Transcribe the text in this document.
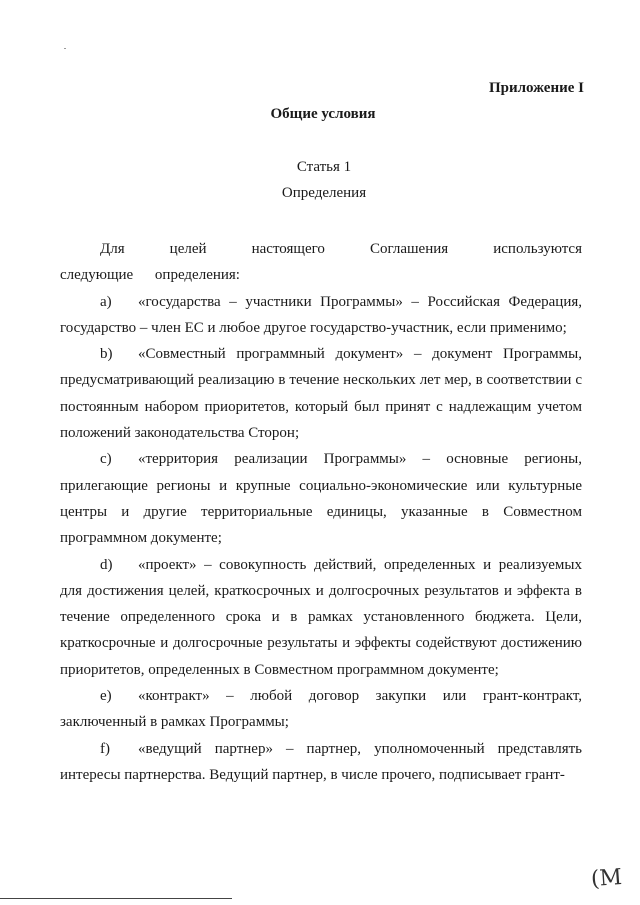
Приложение I
Общие условия
Статья 1
Определения

Для целей настоящего Соглашения используются следующие определения:

a) «государства – участники Программы» – Российская Федерация, государство – член ЕС и любое другое государство-участник, если применимо;

b) «Совместный программный документ» – документ Программы, предусматривающий реализацию в течение нескольких лет мер, в соответствии с постоянным набором приоритетов, который был принят с надлежащим учетом положений законодательства Сторон;

c) «территория реализации Программы» – основные регионы, прилегающие регионы и крупные социально-экономические или культурные центры и другие территориальные единицы, указанные в Совместном программном документе;

d) «проект» – совокупность действий, определенных и реализуемых для достижения целей, краткосрочных и долгосрочных результатов и эффекта в течение определенного срока и в рамках установленного бюджета. Цели, краткосрочные и долгосрочные результаты и эффекты содействуют достижению приоритетов, определенных в Совместном программном документе;

e) «контракт» – любой договор закупки или грант-контракт, заключенный в рамках Программы;

f) «ведущий партнер» – партнер, уполномоченный представлять интересы партнерства. Ведущий партнер, в числе прочего, подписывает грант-

(М
